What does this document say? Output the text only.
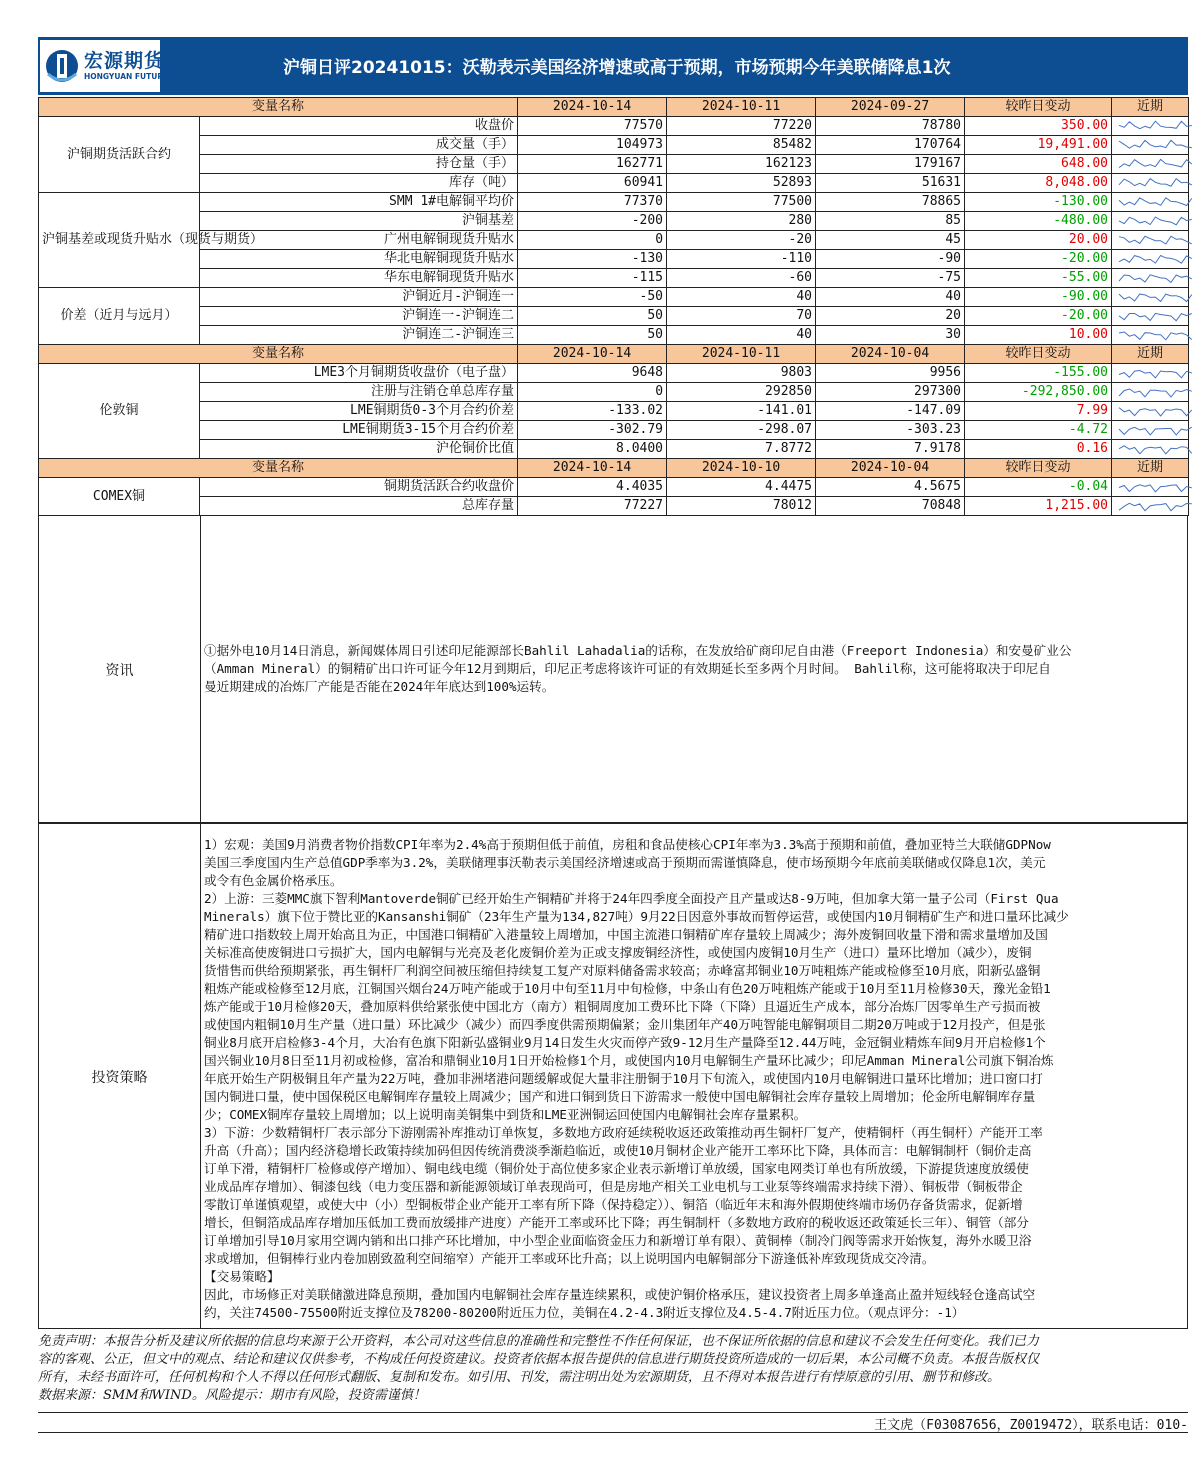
宏源期货
HONGYUAN FUTURES	沪铜日评20241015：沃勒表示美国经济增速或高于预期，市场预期今年美联储降息1次
变量名称		2024-10-14	2024-10-11	2024-09-27	较昨日变动	近期
沪铜期货活跃合约	收盘价	77570	77220	78780	350.00	

	成交量（手）	104973	85482	170764	19,491.00	

	持仓量（手）	162771	162123	179167	648.00	

	库存（吨）	60941	52893	51631	8,048.00	

沪铜基差或现货升贴水（现货与期货）	SMM 1#电解铜平均价	77370	77500	78865	-130.00	

	沪铜基差	-200	280	85	-480.00	

	广州电解铜现货升贴水	0	-20	45	20.00	

	华北电解铜现货升贴水	-130	-110	-90	-20.00	

	华东电解铜现货升贴水	-115	-60	-75	-55.00	

价差（近月与远月）	沪铜近月-沪铜连一	-50	40	40	-90.00	

	沪铜连一-沪铜连二	50	70	20	-20.00	

	沪铜连二-沪铜连三	50	40	30	10.00	

变量名称		2024-10-14	2024-10-11	2024-10-04	较昨日变动	近期
伦敦铜	LME3个月铜期货收盘价（电子盘）	9648	9803	9956	-155.00	

	注册与注销仓单总库存量	0	292850	297300	-292,850.00	

	LME铜期货0-3个月合约价差	-133.02	-141.01	-147.09	7.99	

	LME铜期货3-15个月合约价差	-302.79	-298.07	-303.23	-4.72	

	沪伦铜价比值	8.0400	7.8772	7.9178	0.16	

变量名称		2024-10-14	2024-10-10	2024-10-04	较昨日变动	近期
COMEX铜	铜期货活跃合约收盘价	4.4035	4.4475	4.5675	-0.04	

	总库存量	77227	78012	70848	1,215.00	
资讯
①据外电10月14日消息，新闻媒体周日引述印尼能源部长Bahlil Lahadalia的话称，在发放给矿商印尼自由港（Freeport Indonesia）和安曼矿业公
（Amman Mineral）的铜精矿出口许可证今年12月到期后，印尼正考虑将该许可证的有效期延长至多两个月时间。 Bahlil称，这可能将取决于印尼自
曼近期建成的冶炼厂产能是否能在2024年年底达到100%运转。
投资策略
1）宏观：美国9月消费者物价指数CPI年率为2.4%高于预期但低于前值，房租和食品使核心CPI年率为3.3%高于预期和前值，叠加亚特兰大联储GDPNow
美国三季度国内生产总值GDP季率为3.2%，美联储理事沃勒表示美国经济增速或高于预期而需谨慎降息，使市场预期今年底前美联储或仅降息1次，美元
或令有色金属价格承压。
2）上游：三菱MMC旗下智利Mantoverde铜矿已经开始生产铜精矿并将于24年四季度全面投产且产量或达8-9万吨，但加拿大第一量子公司（First Qua
Minerals）旗下位于赞比亚的Kansanshi铜矿（23年生产量为134,827吨）9月22日因意外事故而暂停运营，或使国内10月铜精矿生产和进口量环比减少
精矿进口指数较上周开始高且为正，中国港口铜精矿入港量较上周增加，中国主流港口铜精矿库存量较上周减少；海外废铜回收量下滑和需求量增加及国
关标准高使废铜进口亏损扩大，国内电解铜与光亮及老化废铜价差为正或支撑废铜经济性，或使国内废铜10月生产（进口）量环比增加（减少），废铜
货惜售而供给预期紧张，再生铜杆厂利润空间被压缩但持续复工复产对原料储备需求较高；赤峰富邦铜业10万吨粗炼产能或检修至10月底，阳新弘盛铜
粗炼产能或检修至12月底，江铜国兴烟台24万吨产能或于10月中旬至11月中旬检修，中条山有色20万吨粗炼产能或于10月至11月检修30天，豫光金铅1
炼产能或于10月检修20天，叠加原料供给紧张使中国北方（南方）粗铜周度加工费环比下降（下降）且逼近生产成本，部分冶炼厂因零单生产亏损而被
或使国内粗铜10月生产量（进口量）环比减少（减少）而四季度供需预期偏紧；金川集团年产40万吨智能电解铜项目二期20万吨或于12月投产，但是张
铜业8月底开启检修3-4个月，大冶有色旗下阳新弘盛铜业9月14日发生火灾而停产致9-12月生产量降至12.44万吨，金冠铜业精炼车间9月开启检修1个
国兴铜业10月8日至11月初或检修，富冶和鼎铜业10月1日开始检修1个月，或使国内10月电解铜生产量环比减少；印尼Amman Mineral公司旗下铜冶炼
年底开始生产阴极铜且年产量为22万吨，叠加非洲堵港问题缓解或促大量非注册铜于10月下旬流入，或使国内10月电解铜进口量环比增加；进口窗口打
国内铜进口量，使中国保税区电解铜库存量较上周减少；国产和进口铜到货日下游需求一般使中国电解铜社会库存量较上周增加；伦金所电解铜库存量
少；COMEX铜库存量较上周增加；以上说明南美铜集中到货和LME亚洲铜运回使国内电解铜社会库存量累积。
3）下游：少数精铜杆厂表示部分下游刚需补库推动订单恢复，多数地方政府延续税收返还政策推动再生铜杆厂复产，使精铜杆（再生铜杆）产能开工率
升高（升高）；国内经济稳增长政策持续加码但因传统消费淡季渐趋临近，或使10月铜材企业产能开工率环比下降，具体而言：电解铜制杆（铜价走高
订单下滑，精铜杆厂检修或停产增加）、铜电线电缆（铜价处于高位使多家企业表示新增订单放缓，国家电网类订单也有所放缓，下游提货速度放缓使
业成品库存增加）、铜漆包线（电力变压器和新能源领域订单表现尚可，但是房地产相关工业电机与工业泵等终端需求持续下滑）、铜板带（铜板带企
零散订单谨慎观望，或使大中（小）型铜板带企业产能开工率有所下降（保持稳定））、铜箔（临近年末和海外假期使终端市场仍存备货需求，促新增
增长，但铜箔成品库存增加压低加工费而放缓排产进度）产能开工率或环比下降；再生铜制杆（多数地方政府的税收返还政策延长三年）、铜管（部分
订单增加引导10月家用空调内销和出口排产环比增加，中小型企业面临资金压力和新增订单有限）、黄铜棒（制冷门阀等需求开始恢复，海外水暖卫浴
求或增加，但铜棒行业内卷加剧致盈利空间缩窄）产能开工率或环比升高；以上说明国内电解铜部分下游逢低补库致现货成交冷清。
【交易策略】
因此，市场修正对美联储激进降息预期，叠加国内电解铜社会库存量连续累积，或使沪铜价格承压，建议投资者上周多单逢高止盈并短线轻仓逢高试空
约，关注74500-75500附近支撑位及78200-80200附近压力位，美铜在4.2-4.3附近支撑位及4.5-4.7附近压力位。（观点评分：-1）
免责声明：本报告分析及建议所依据的信息均来源于公开资料，本公司对这些信息的准确性和完整性不作任何保证，也不保证所依据的信息和建议不会发生任何变化。我们已力
容的客观、公正，但文中的观点、结论和建议仅供参考，不构成任何投资建议。投资者依据本报告提供的信息进行期货投资所造成的一切后果，本公司概不负责。本报告版权仅
所有，未经书面许可，任何机构和个人不得以任何形式翻版、复制和发布。如引用、刊发，需注明出处为宏源期货，且不得对本报告进行有悖原意的引用、删节和修改。
数据来源：SMM和WIND。风险提示：期市有风险，投资需谨慎！
王文虎（F03087656，Z0019472），联系电话：010-
